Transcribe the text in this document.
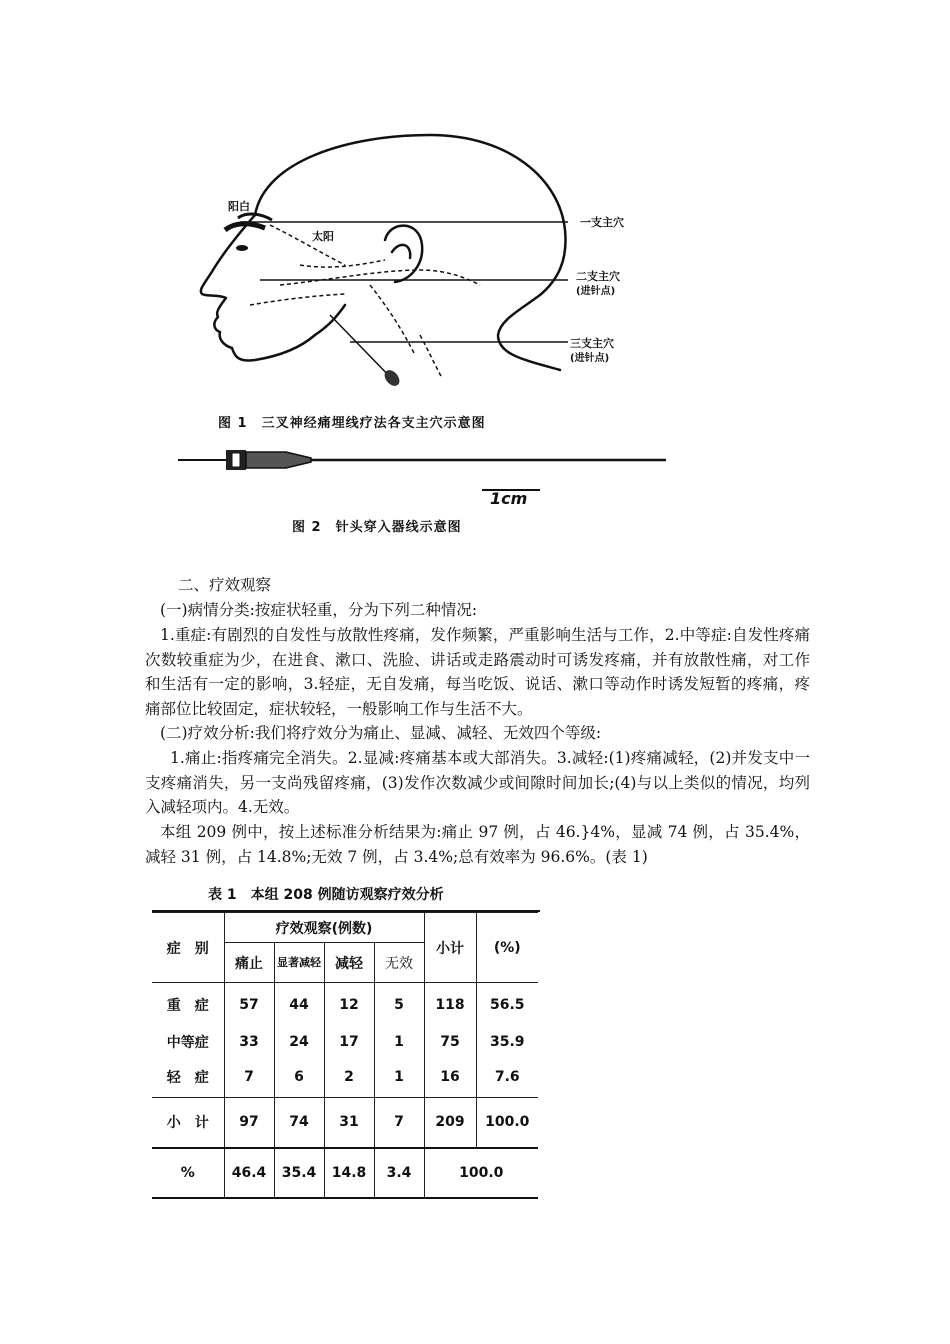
阳白
太阳
一支主穴
二支主穴
(进针点)
三支主穴
(进针点)
图 1　三叉神经痛埋线疗法各支主穴示意图
1cm
图 2　针头穿入器线示意图
二、疗效观察
(一)病情分类:按症状轻重，分为下列二种情况:
1.重症:有剧烈的自发性与放散性疼痛，发作频繁，严重影响生活与工作，2.中等症:自发性疼痛次数较重症为少，在进食、漱口、洗脸、讲话或走路震动时可诱发疼痛，并有放散性痛，对工作和生活有一定的影响，3.轻症，无自发痛，每当吃饭、说话、漱口等动作时诱发短暂的疼痛，疼痛部位比较固定，症状较轻，一般影响工作与生活不大。
(二)疗效分析:我们将疗效分为痛止、显减、减轻、无效四个等级:
1.痛止:指疼痛完全消失。2.显减:疼痛基本或大部消失。3.减轻:(1)疼痛减轻，(2)并发支中一支疼痛消失，另一支尚残留疼痛，(3)发作次数减少或间隙时间加长;(4)与以上类似的情况，均列入减轻项内。4.无效。
本组 209 例中，按上述标准分析结果为:痛止 97 例，占 46.}4%，显减 74 例，占 35.4%，减轻 31 例，占 14.8%;无效 7 例，占 3.4%;总有效率为 96.6%。(表 1)
表 1　本组 208 例随访观察疗效分析
症　别	疗效观察(例数)				小计	(%)
	痛止	显著减轻	减轻	无效		
重　症	57	44	12	5	118	56.5
中等症	33	24	17	1	75	35.9
轻　症	7	6	2	1	16	7.6
小　计	97	74	31	7	209	100.0
%	46.4	35.4	14.8	3.4	100.0	
